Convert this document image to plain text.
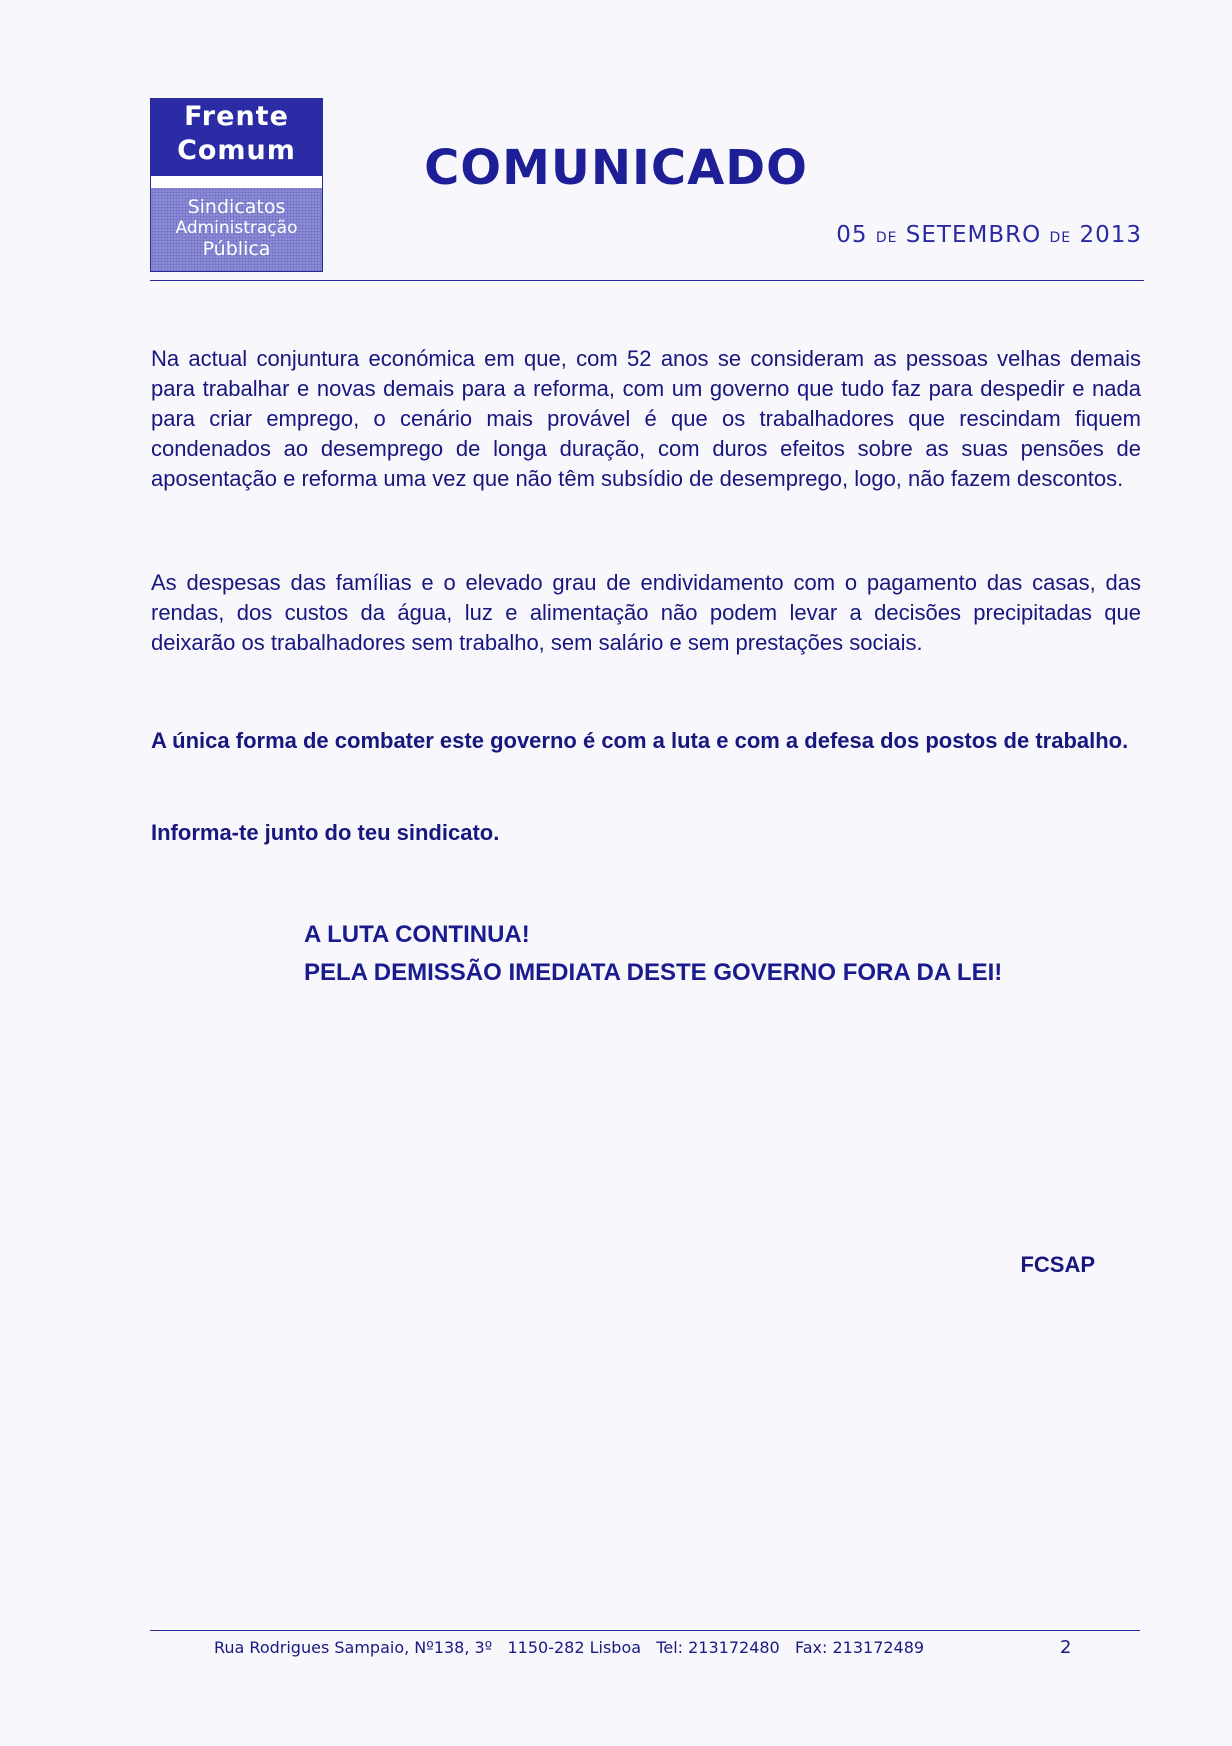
Frente
Comum
Sindicatos
Administração
Pública
COMUNICADO
05 DE SETEMBRO DE 2013
Na actual conjuntura económica em que, com 52 anos se consideram as pessoas velhas demais para trabalhar e novas demais para a reforma, com um governo que tudo faz para despedir e nada para criar emprego, o cenário mais provável é que os trabalhadores que rescindam fiquem condenados ao desemprego de longa duração, com duros efeitos sobre as suas pensões de aposentação e reforma uma vez que não têm subsídio de desemprego, logo, não fazem descontos.
As despesas das famílias e o elevado grau de endividamento com o pagamento das casas, das rendas, dos custos da água, luz e alimentação não podem levar a decisões precipitadas que deixarão os trabalhadores sem trabalho, sem salário e sem prestações sociais.
A única forma de combater este governo é com a luta e com a defesa dos postos de trabalho.
Informa-te junto do teu sindicato.
A LUTA CONTINUA!
PELA DEMISSÃO IMEDIATA DESTE GOVERNO FORA DA LEI!
FCSAP
Rua Rodrigues Sampaio, Nº138, 3º   1150-282 Lisboa   Tel: 213172480   Fax: 213172489	2
